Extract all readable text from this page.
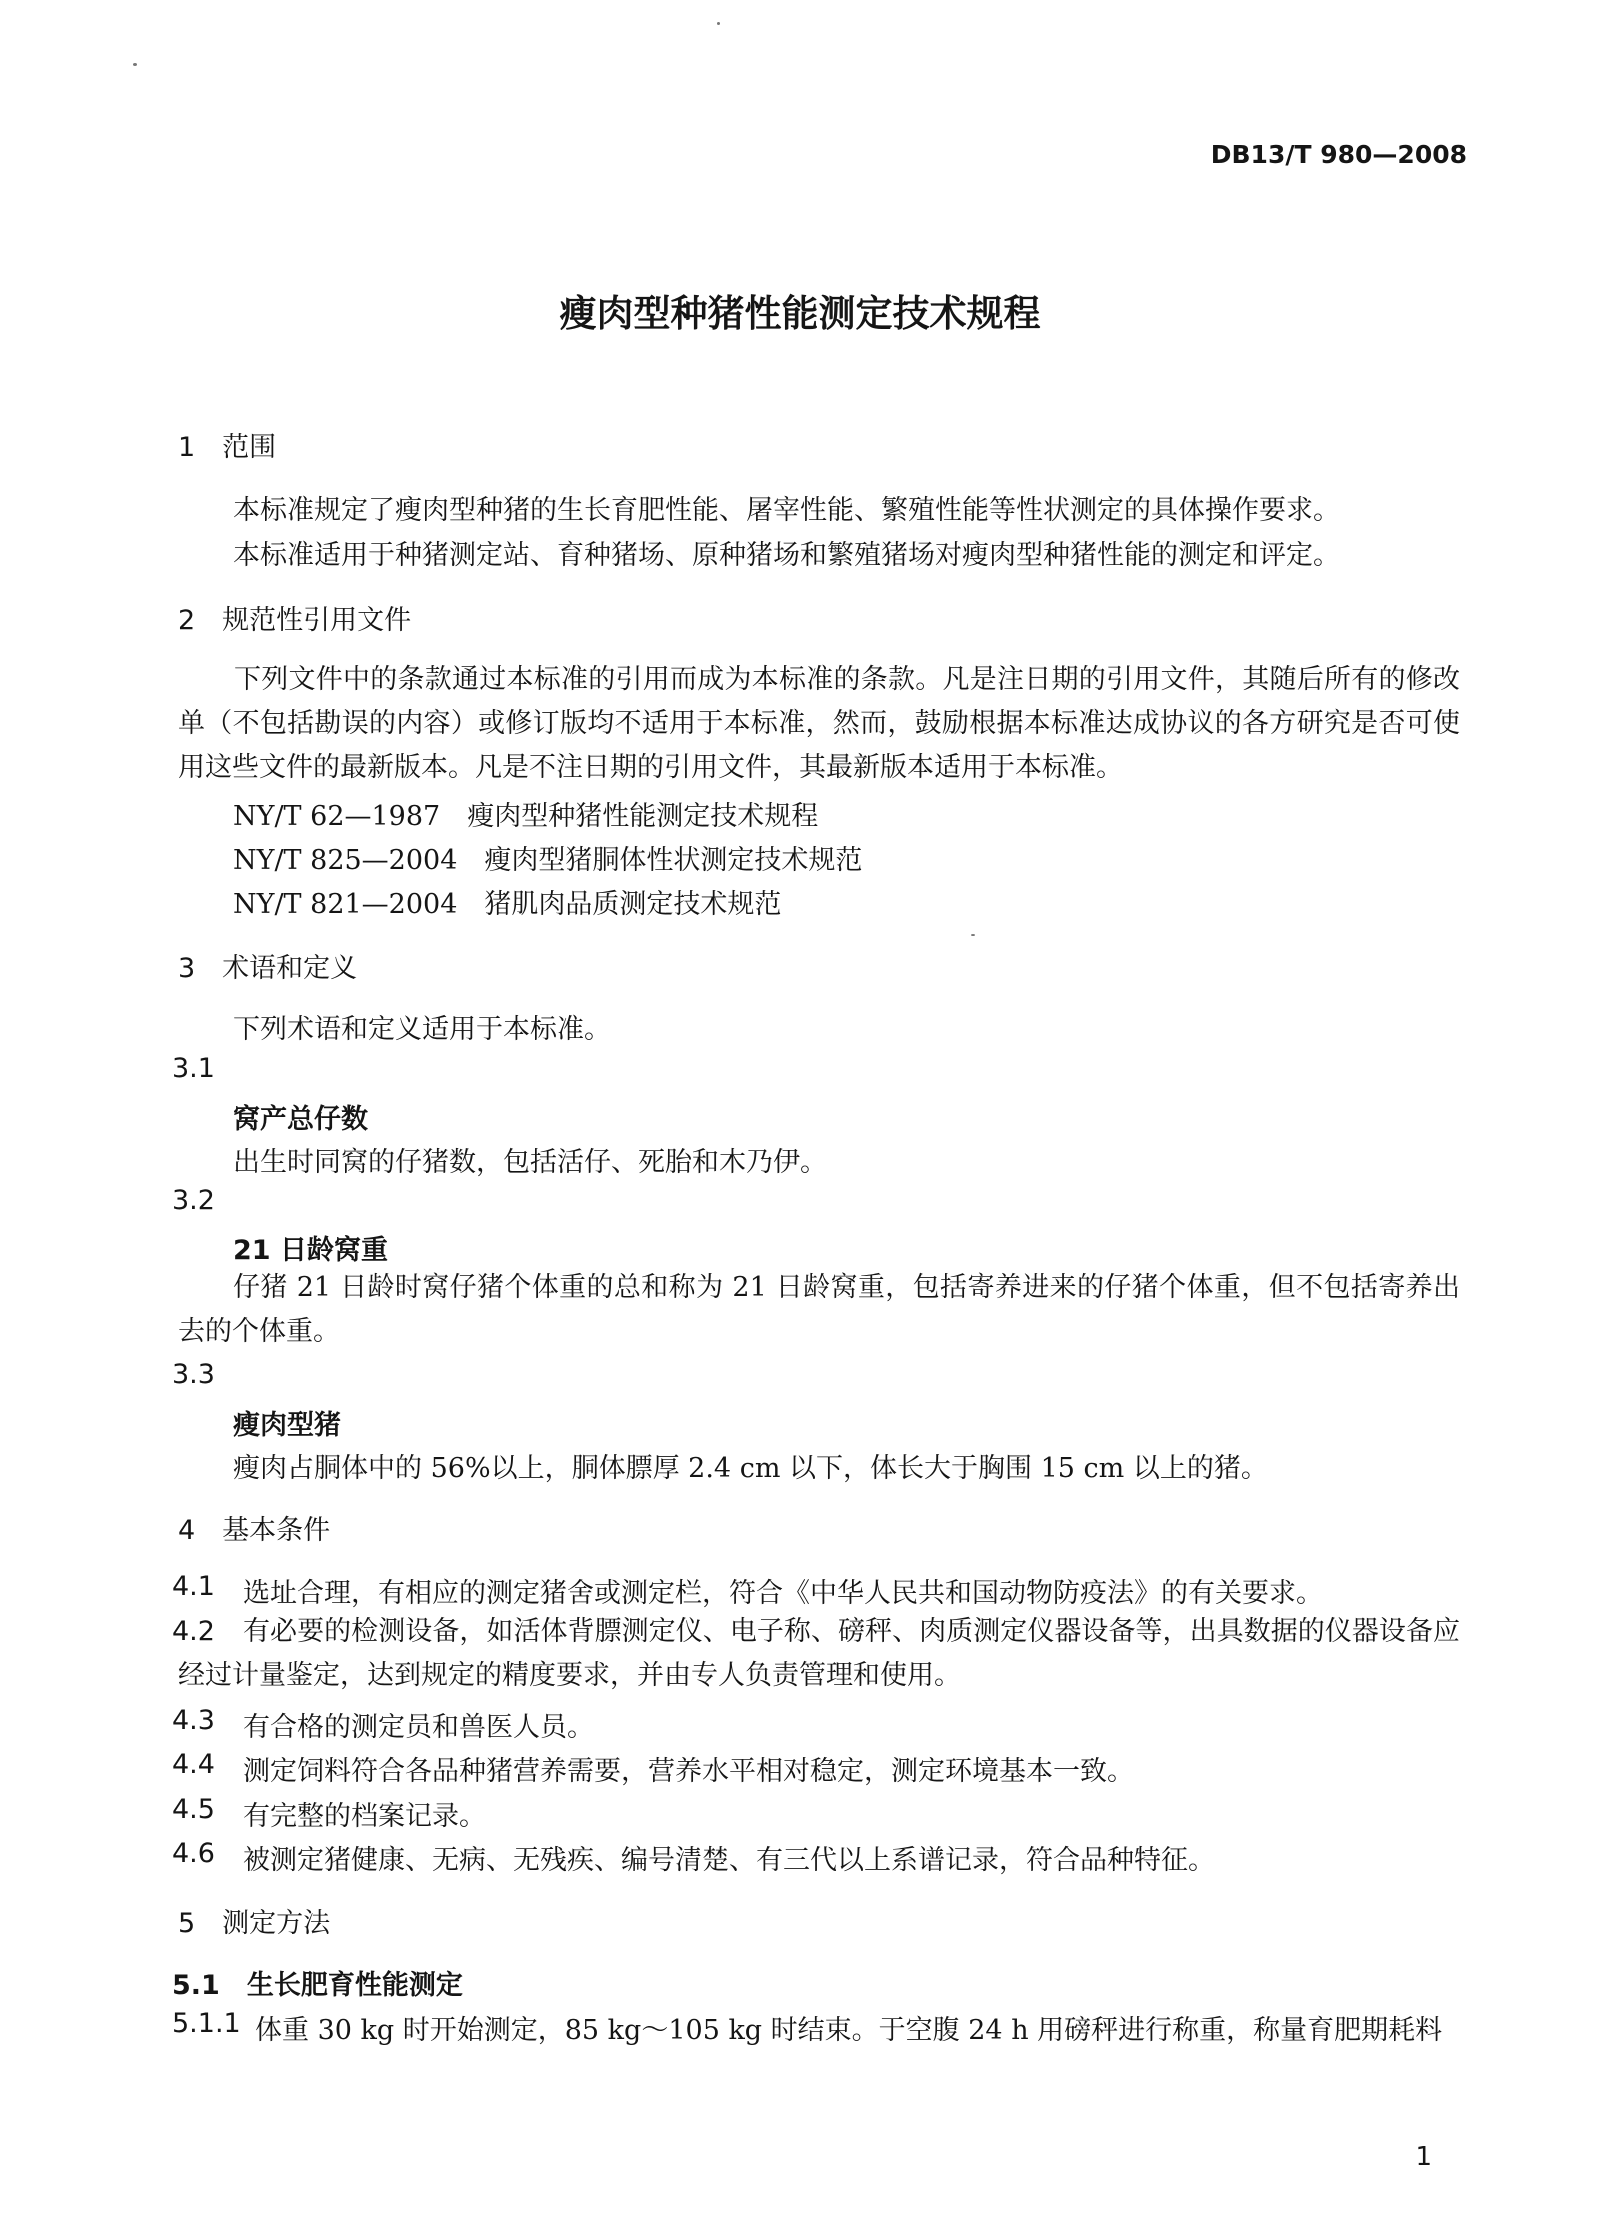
DB13/T 980—2008
瘦肉型种猪性能测定技术规程
1　范围
本标准规定了瘦肉型种猪的生长育肥性能、屠宰性能、繁殖性能等性状测定的具体操作要求。
本标准适用于种猪测定站、育种猪场、原种猪场和繁殖猪场对瘦肉型种猪性能的测定和评定。
2　规范性引用文件
下列文件中的条款通过本标准的引用而成为本标准的条款。凡是注日期的引用文件，其随后所有的修改单（不包括勘误的内容）或修订版均不适用于本标准，然而，鼓励根据本标准达成协议的各方研究是否可使用这些文件的最新版本。凡是不注日期的引用文件，其最新版本适用于本标准。
NY/T 62—1987　瘦肉型种猪性能测定技术规程
NY/T 825—2004　瘦肉型猪胴体性状测定技术规范
NY/T 821—2004　猪肌肉品质测定技术规范
3　术语和定义
下列术语和定义适用于本标准。
3.1
窝产总仔数
出生时同窝的仔猪数，包括活仔、死胎和木乃伊。
3.2
21 日龄窝重
仔猪 21 日龄时窝仔猪个体重的总和称为 21 日龄窝重，包括寄养进来的仔猪个体重，但不包括寄养出去的个体重。
3.3
瘦肉型猪
瘦肉占胴体中的 56%以上，胴体膘厚 2.4 cm 以下，体长大于胸围 15 cm 以上的猪。
4　基本条件
4.1 选址合理，有相应的测定猪舍或测定栏，符合《中华人民共和国动物防疫法》的有关要求。
4.2	有必要的检测设备，如活体背膘测定仪、电子称、磅秤、肉质测定仪器设备等，出具数据的仪器设备应经过计量鉴定，达到规定的精度要求，并由专人负责管理和使用。
4.3 有合格的测定员和兽医人员。
4.4 测定饲料符合各品种猪营养需要，营养水平相对稳定，测定环境基本一致。
4.5 有完整的档案记录。
4.6 被测定猪健康、无病、无残疾、编号清楚、有三代以上系谱记录，符合品种特征。
5　测定方法
5.1　生长肥育性能测定
5.1.1 体重 30 kg 时开始测定，85 kg～105 kg 时结束。于空腹 24 h 用磅秤进行称重，称量育肥期耗料
1
